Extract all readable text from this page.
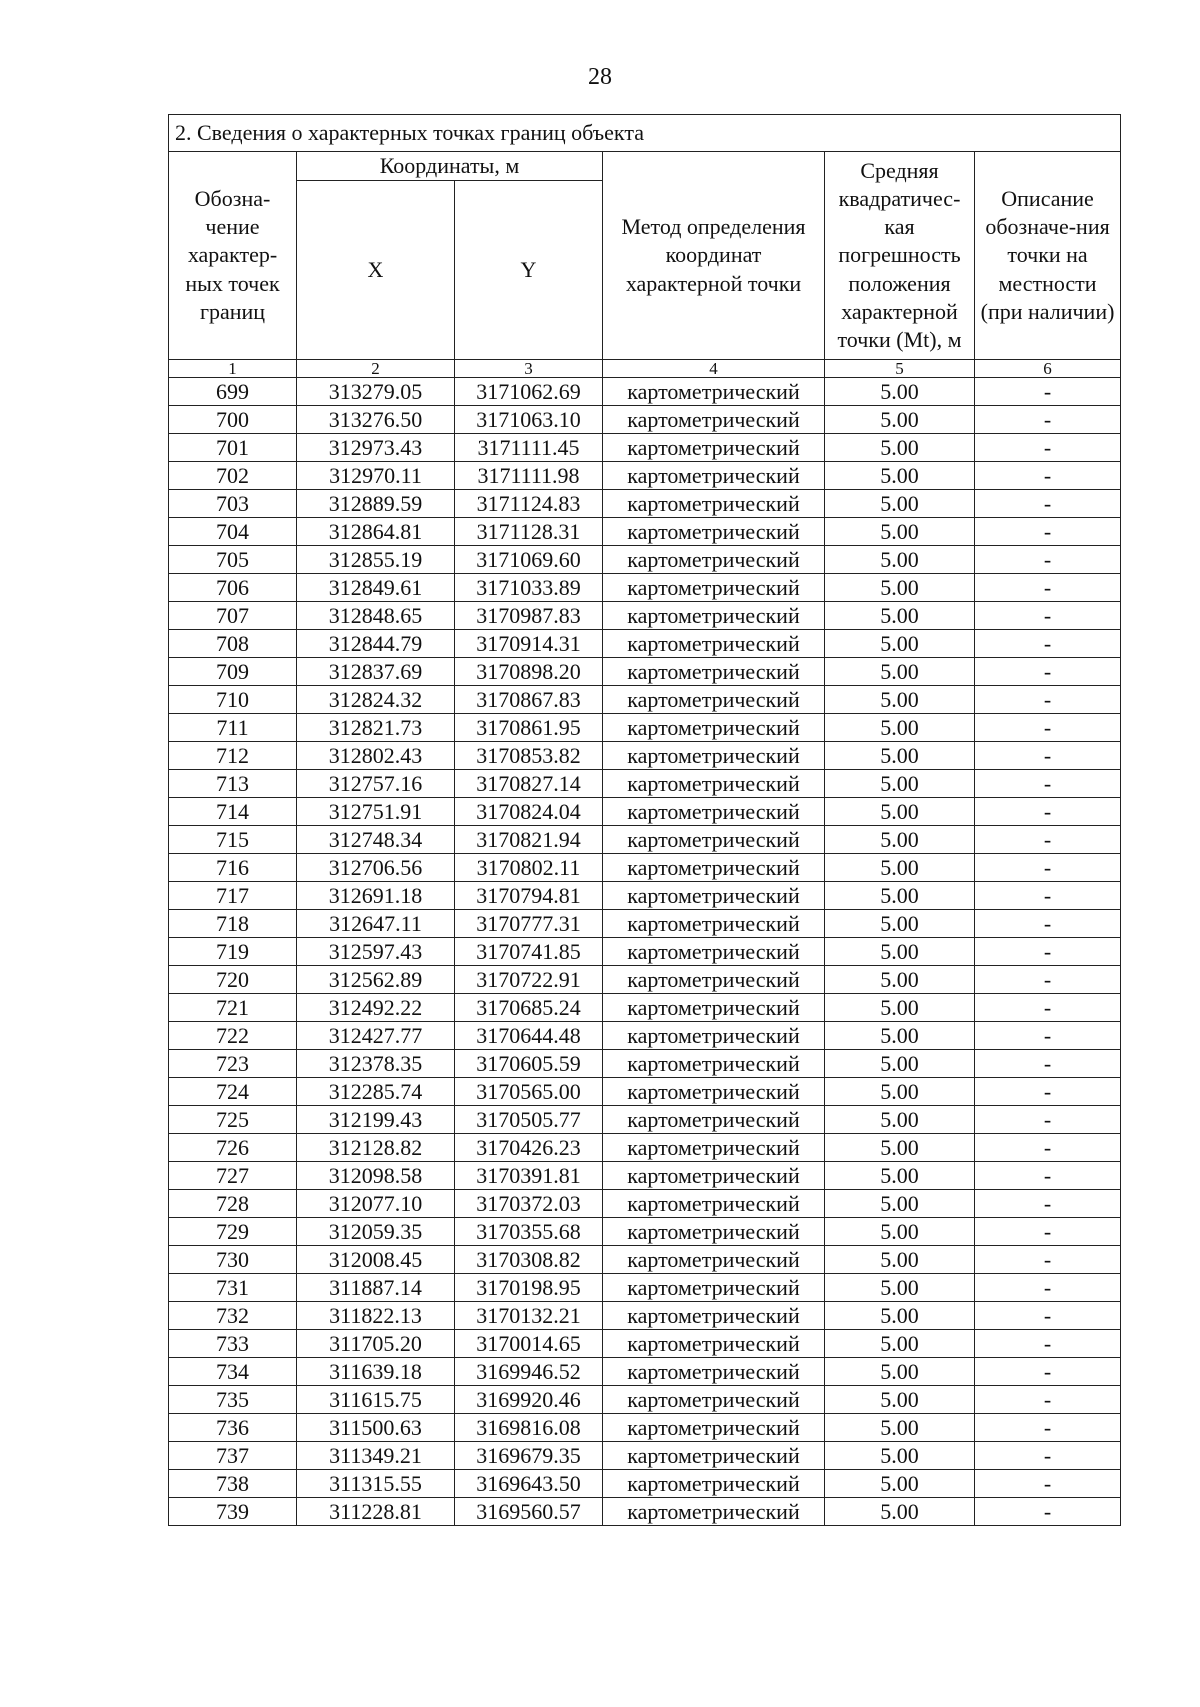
28
2. Сведения о характерных точках границ объекта					
Обозна-чение характер-ных точек границ	Координаты, м		Метод определения координат характерной точки	Средняя квадратичес-кая погрешность положения характерной точки (Mt), м	Описание обозначе-ния точки на местности (при наличии)
	X	Y			
1	2	3	4	5	6
699	313279.05	3171062.69	картометрический	5.00	-
700	313276.50	3171063.10	картометрический	5.00	-
701	312973.43	3171111.45	картометрический	5.00	-
702	312970.11	3171111.98	картометрический	5.00	-
703	312889.59	3171124.83	картометрический	5.00	-
704	312864.81	3171128.31	картометрический	5.00	-
705	312855.19	3171069.60	картометрический	5.00	-
706	312849.61	3171033.89	картометрический	5.00	-
707	312848.65	3170987.83	картометрический	5.00	-
708	312844.79	3170914.31	картометрический	5.00	-
709	312837.69	3170898.20	картометрический	5.00	-
710	312824.32	3170867.83	картометрический	5.00	-
711	312821.73	3170861.95	картометрический	5.00	-
712	312802.43	3170853.82	картометрический	5.00	-
713	312757.16	3170827.14	картометрический	5.00	-
714	312751.91	3170824.04	картометрический	5.00	-
715	312748.34	3170821.94	картометрический	5.00	-
716	312706.56	3170802.11	картометрический	5.00	-
717	312691.18	3170794.81	картометрический	5.00	-
718	312647.11	3170777.31	картометрический	5.00	-
719	312597.43	3170741.85	картометрический	5.00	-
720	312562.89	3170722.91	картометрический	5.00	-
721	312492.22	3170685.24	картометрический	5.00	-
722	312427.77	3170644.48	картометрический	5.00	-
723	312378.35	3170605.59	картометрический	5.00	-
724	312285.74	3170565.00	картометрический	5.00	-
725	312199.43	3170505.77	картометрический	5.00	-
726	312128.82	3170426.23	картометрический	5.00	-
727	312098.58	3170391.81	картометрический	5.00	-
728	312077.10	3170372.03	картометрический	5.00	-
729	312059.35	3170355.68	картометрический	5.00	-
730	312008.45	3170308.82	картометрический	5.00	-
731	311887.14	3170198.95	картометрический	5.00	-
732	311822.13	3170132.21	картометрический	5.00	-
733	311705.20	3170014.65	картометрический	5.00	-
734	311639.18	3169946.52	картометрический	5.00	-
735	311615.75	3169920.46	картометрический	5.00	-
736	311500.63	3169816.08	картометрический	5.00	-
737	311349.21	3169679.35	картометрический	5.00	-
738	311315.55	3169643.50	картометрический	5.00	-
739	311228.81	3169560.57	картометрический	5.00	-
